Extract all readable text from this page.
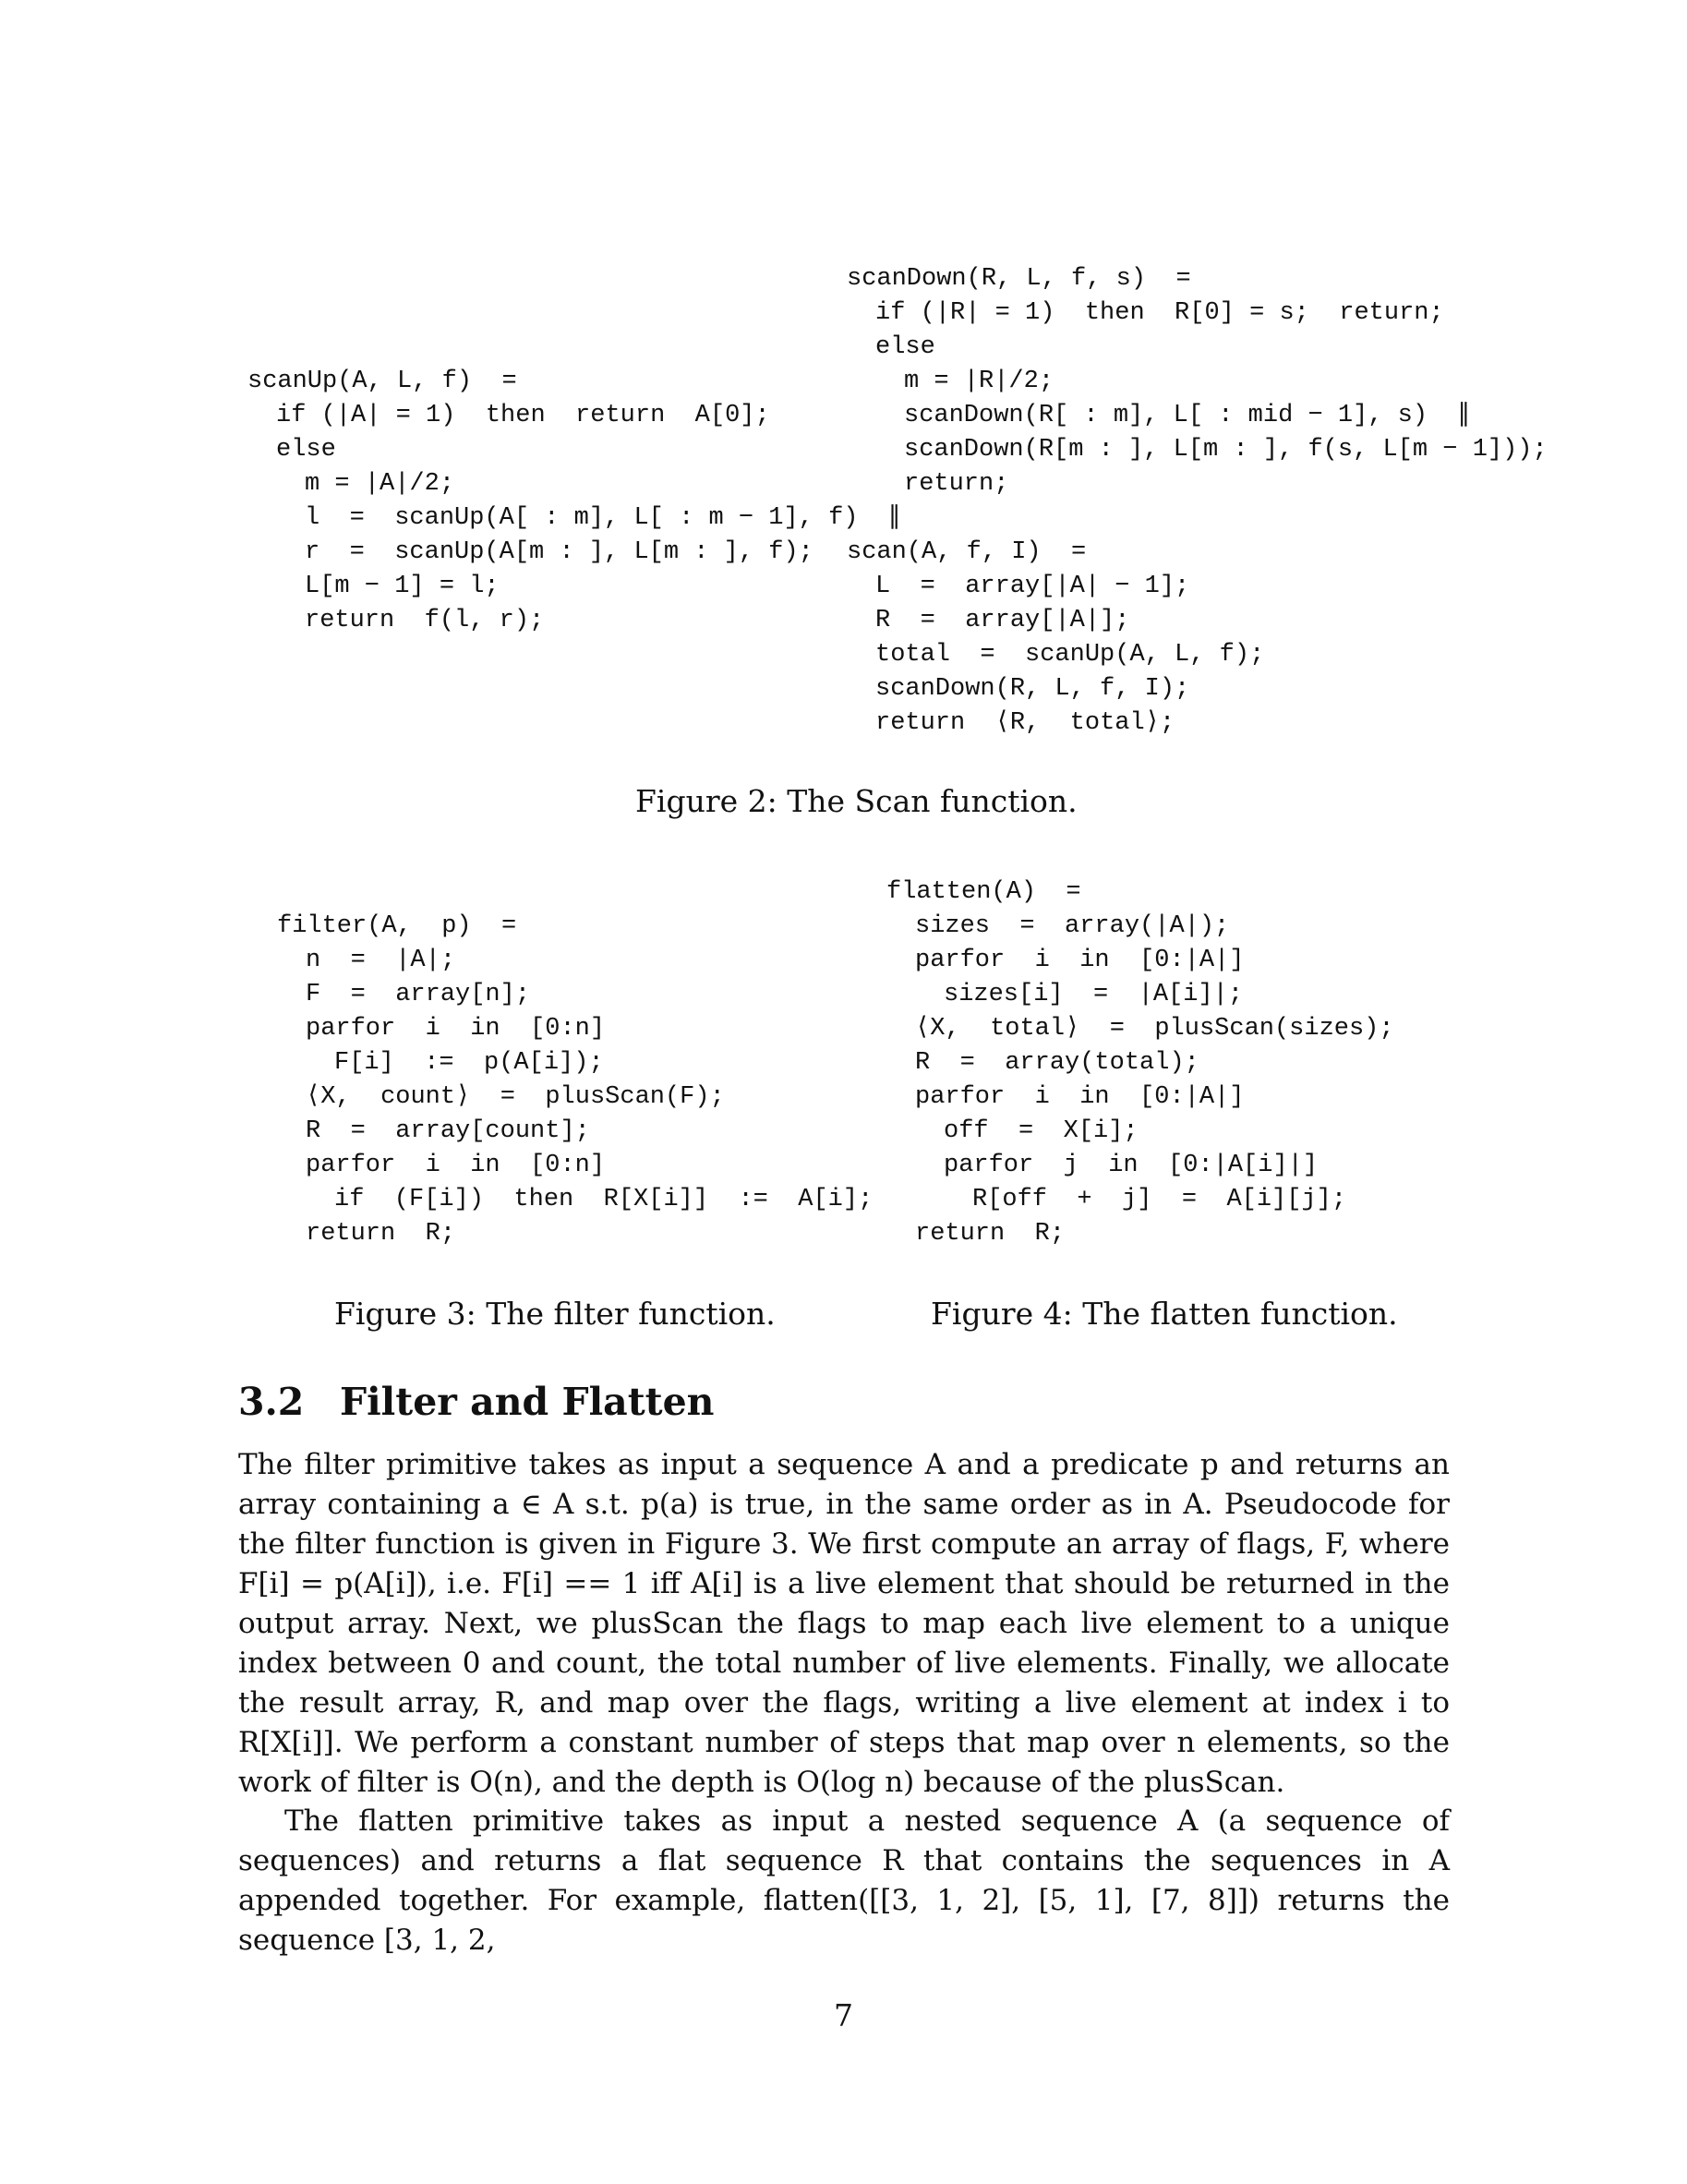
scanDown(R, L, f, s)  =
if (|R| = 1)  then  R[0] = s;  return;
else
m = |R|/2;
scanDown(R[ : m], L[ : mid − 1], s)  ∥
scanDown(R[m : ], L[m : ], f(s, L[m − 1]));
return;
scanUp(A, L, f)  =
if (|A| = 1)  then  return  A[0];
else
m = |A|/2;
l  =  scanUp(A[ : m], L[ : m − 1], f)  ∥
r  =  scanUp(A[m : ], L[m : ], f);
L[m − 1] = l;
return  f(l, r);
scan(A, f, I)  =
L  =  array[|A| − 1];
R  =  array[|A|];
total  =  scanUp(A, L, f);
scanDown(R, L, f, I);
return  ⟨R,  total⟩;
Figure 2: The Scan function.
filter(A,  p)  =
n  =  |A|;
F  =  array[n];
parfor  i  in  [0:n]
F[i]  :=  p(A[i]);
⟨X,  count⟩  =  plusScan(F);
R  =  array[count];
parfor  i  in  [0:n]
if  (F[i])  then  R[X[i]]  :=  A[i];
return  R;
flatten(A)  =
sizes  =  array(|A|);
parfor  i  in  [0:|A|]
sizes[i]  =  |A[i]|;
⟨X,  total⟩  =  plusScan(sizes);
R  =  array(total);
parfor  i  in  [0:|A|]
off  =  X[i];
parfor  j  in  [0:|A[i]|]
R[off  +  j]  =  A[i][j];
return  R;
Figure 3: The filter function.	Figure 4: The flatten function.
3.2 Filter and Flatten

The filter primitive takes as input a sequence A and a predicate p and returns an array containing a ∈ A s.t. p(a) is true, in the same order as in A. Pseudocode for the filter function is given in Figure 3. We first compute an array of flags, F, where F[i] = p(A[i]), i.e. F[i] == 1 iff A[i] is a live element that should be returned in the output array. Next, we plusScan the flags to map each live element to a unique index between 0 and count, the total number of live elements. Finally, we allocate the result array, R, and map over the flags, writing a live element at index i to R[X[i]]. We perform a constant number of steps that map over n elements, so the work of filter is O(n), and the depth is O(log n) because of the plusScan.

The flatten primitive takes as input a nested sequence A (a sequence of sequences) and returns a flat sequence R that contains the sequences in A appended together. For example, flatten([[3, 1, 2], [5, 1], [7, 8]]) returns the sequence [3, 1, 2,

7
